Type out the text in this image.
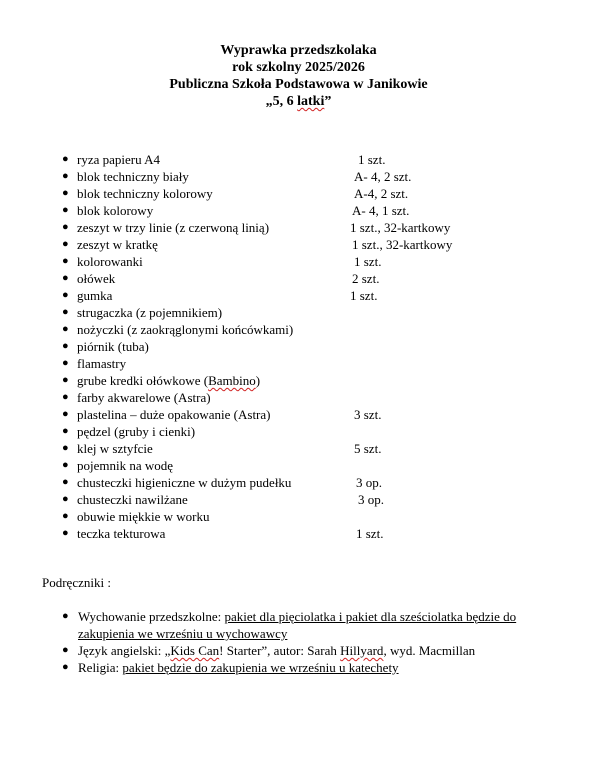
Wyprawka przedszkolaka
rok szkolny 2025/2026
Publiczna Szkoła Podstawowa w Janikowie
„5, 6 latki”
● ryza papieru A4	1 szt.
● blok techniczny biały	A- 4, 2 szt.
● blok techniczny kolorowy	A-4, 2 szt.
● blok kolorowy	A- 4, 1 szt.
● zeszyt w trzy linie (z czerwoną linią)	1 szt., 32-kartkowy
● zeszyt w kratkę	1 szt., 32-kartkowy
● kolorowanki	1 szt.
● ołówek	2 szt.
● gumka	1 szt.
● strugaczka (z pojemnikiem)
● nożyczki (z zaokrąglonymi końcówkami)
● piórnik (tuba)
● flamastry
● grube kredki ołówkowe (Bambino)
● farby akwarelowe (Astra)
● plastelina – duże opakowanie (Astra)	3 szt.
● pędzel (gruby i cienki)
● klej w sztyfcie	5 szt.
● pojemnik na wodę
● chusteczki higieniczne w dużym pudełku	3 op.
● chusteczki nawilżane	3 op.
● obuwie miękkie w worku
● teczka tekturowa	1 szt.
Podręczniki :
● Wychowanie przedszkolne: pakiet dla pięciolatka i pakiet dla sześciolatka będzie do zakupienia we wrześniu u wychowawcy
● Język angielski: „Kids Can! Starter”, autor: Sarah Hillyard, wyd. Macmillan
● Religia: pakiet będzie do zakupienia we wrześniu u katechety
